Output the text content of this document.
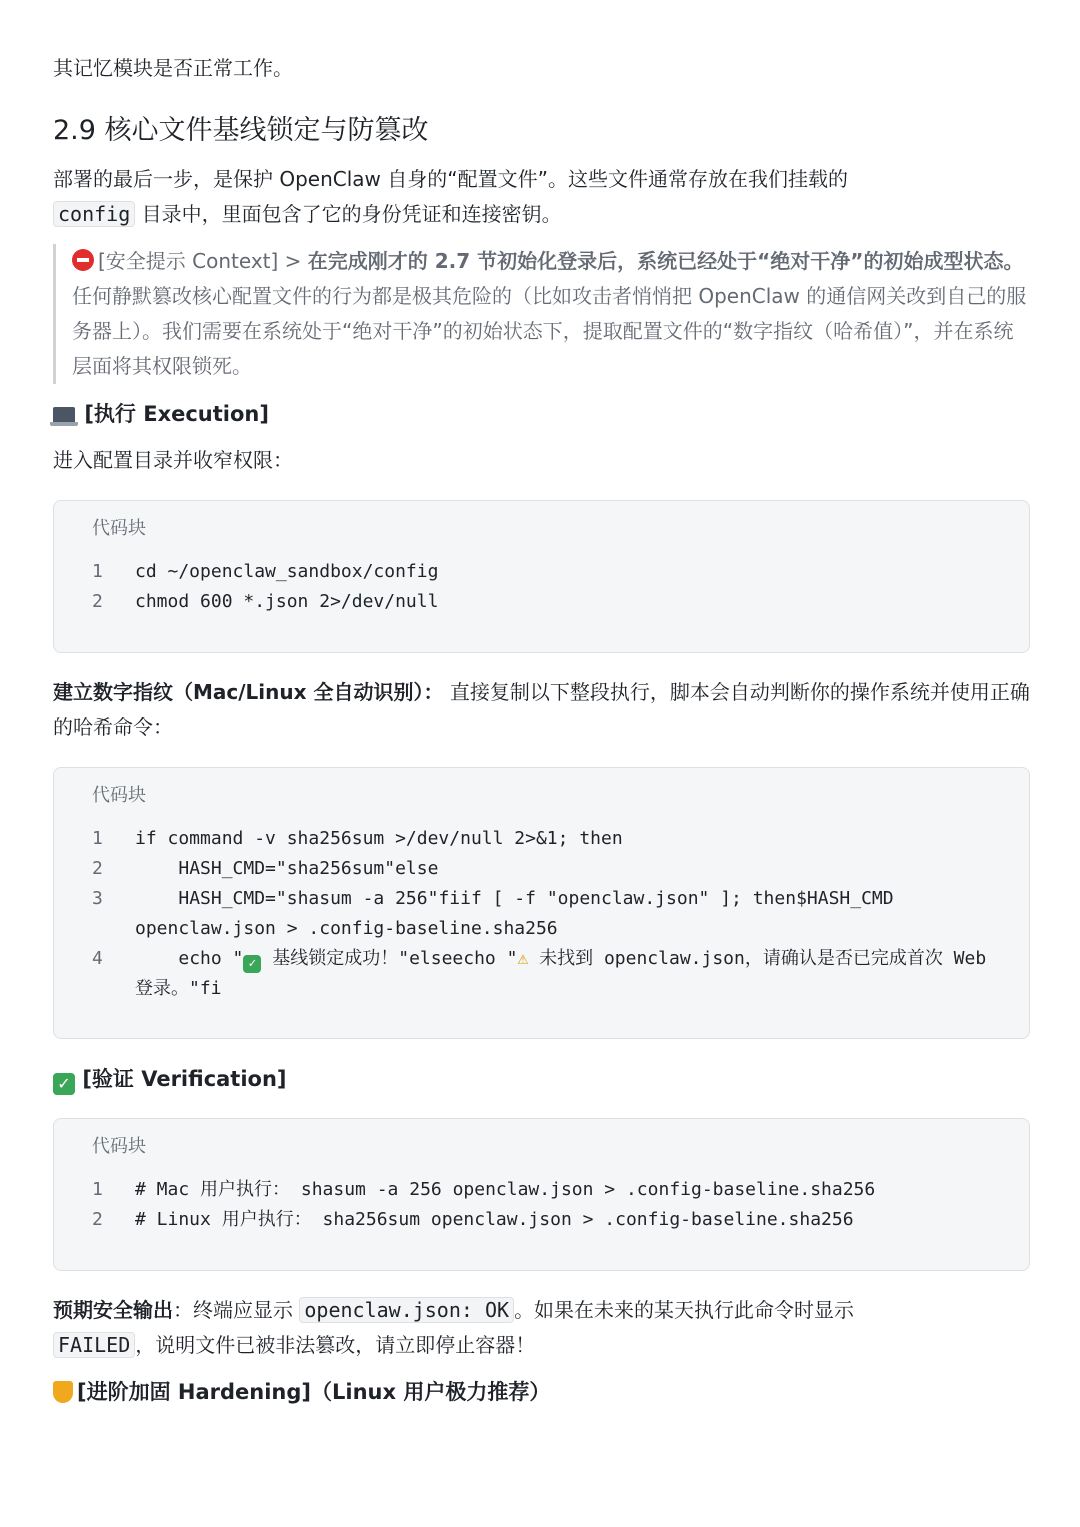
其记忆模块是否正常工作。

2.9 核心文件基线锁定与防篡改

部署的最后一步，是保护 OpenClaw 自身的“配置文件”。这些文件通常存放在我们挂载的
config 目录中，里面包含了它的身份凭证和连接密钥。

[安全提示 Context] > 在完成刚才的 2.7 节初始化登录后，系统已经处于“绝对干净”的初始成型状态。 任何静默篡改核心配置文件的行为都是极其危险的（比如攻击者悄悄把 OpenClaw 的通信网关改到自己的服务器上）。我们需要在系统处于“绝对干净”的初始状态下，提取配置文件的“数字指纹（哈希值）”，并在系统层面将其权限锁死。

[执行 Execution]

进入配置目录并收窄权限：

代码块
1	cd ~/openclaw_sandbox/config
2	chmod 600 *.json 2>/dev/null

建立数字指纹（Mac/Linux 全自动识别）： 直接复制以下整段执行，脚本会自动判断你的操作系统并使用正确的哈希命令：

代码块
1	if command -v sha256sum >/dev/null 2>&1; then
2	HASH_CMD="sha256sum"else
3	HASH_CMD="shasum -a 256"fiif [ -f "openclaw.json" ]; then$HASH_CMD openclaw.json > .config-baseline.sha256
4	echo " ✓ 基线锁定成功！"elseecho "⚠ 未找到 openclaw.json，请确认是否已完成首次 Web 登录。"fi

✓ [验证 Verification]

代码块
1	# Mac 用户执行： shasum -a 256 openclaw.json > .config-baseline.sha256
2	# Linux 用户执行： sha256sum openclaw.json > .config-baseline.sha256

预期安全输出：终端应显示 openclaw.json: OK 。如果在未来的某天执行此命令时显示
FAILED ，说明文件已被非法篡改，请立即停止容器！

[进阶加固 Hardening]（Linux 用户极力推荐）
